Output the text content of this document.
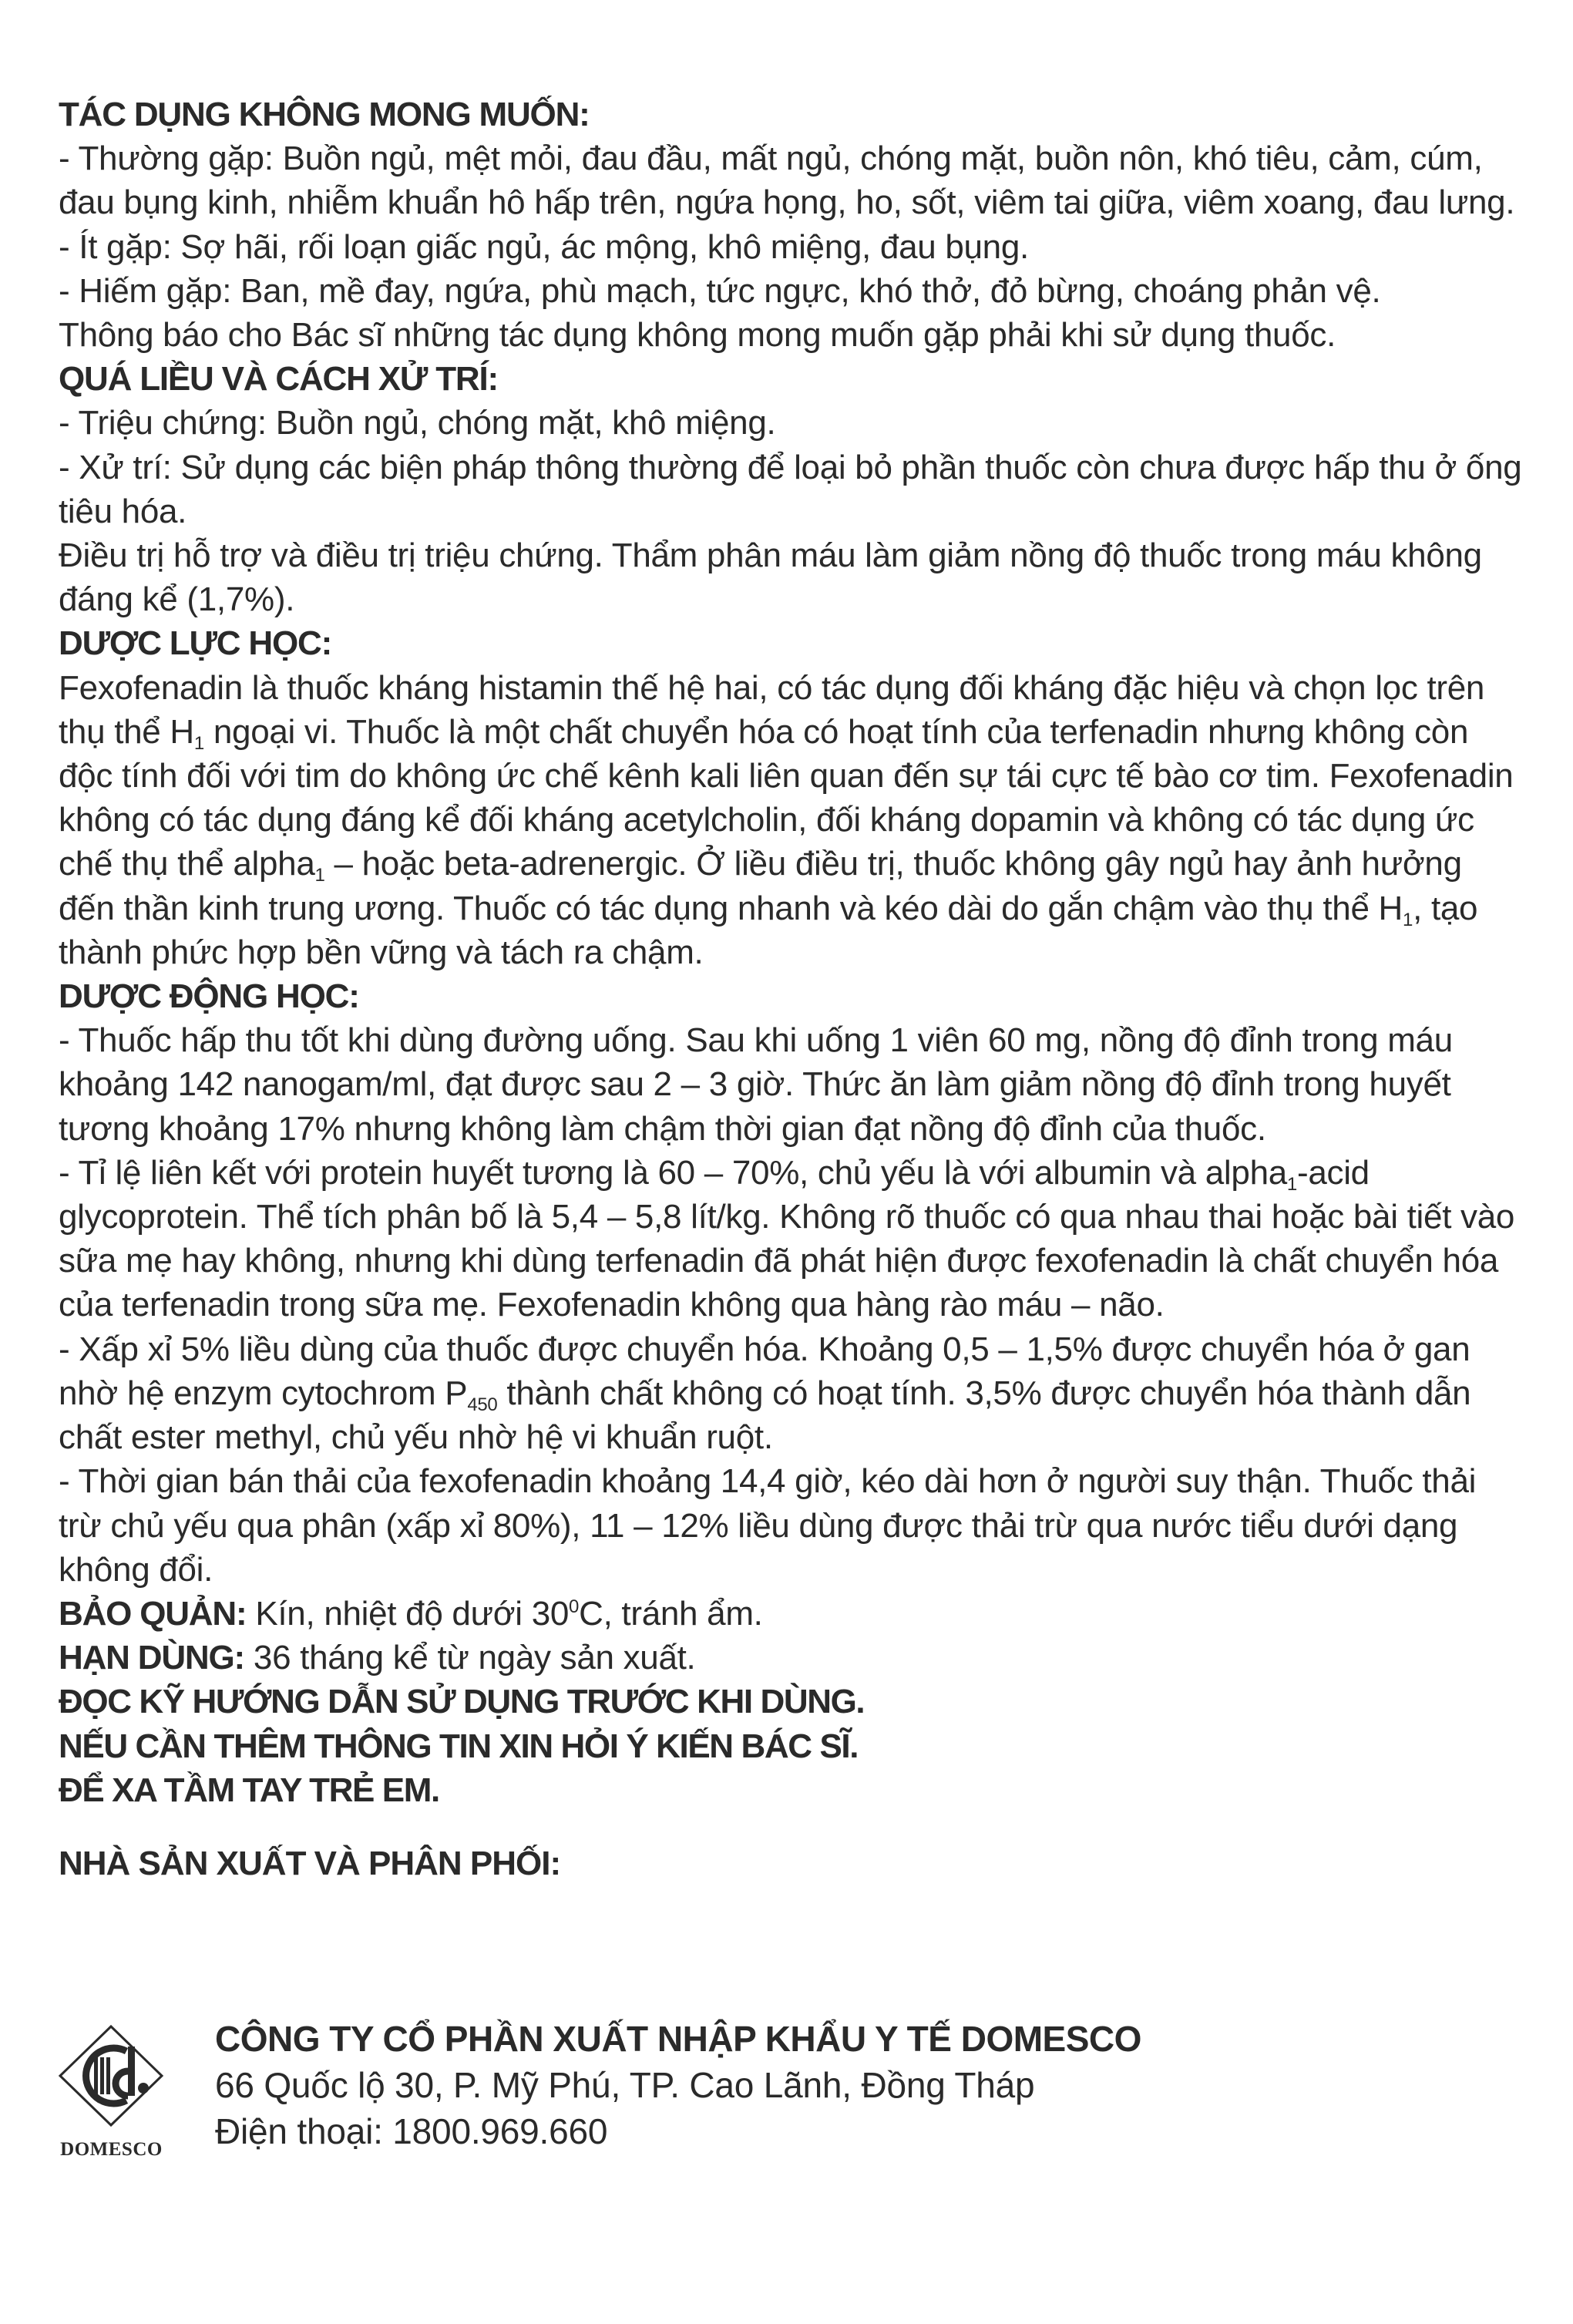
TÁC DỤNG KHÔNG MONG MUỐN:

- Thường gặp: Buồn ngủ, mệt mỏi, đau đầu, mất ngủ, chóng mặt, buồn nôn, khó tiêu, cảm, cúm, đau bụng kinh, nhiễm khuẩn hô hấp trên, ngứa họng, ho, sốt, viêm tai giữa, viêm xoang, đau lưng.

- Ít gặp: Sợ hãi, rối loạn giấc ngủ, ác mộng, khô miệng, đau bụng.

- Hiếm gặp: Ban, mề đay, ngứa, phù mạch, tức ngực, khó thở, đỏ bừng, choáng phản vệ.

Thông báo cho Bác sĩ những tác dụng không mong muốn gặp phải khi sử dụng thuốc.

QUÁ LIỀU VÀ CÁCH XỬ TRÍ:

- Triệu chứng: Buồn ngủ, chóng mặt, khô miệng.

- Xử trí: Sử dụng các biện pháp thông thường để loại bỏ phần thuốc còn chưa được hấp thu ở ống tiêu hóa.

Điều trị hỗ trợ và điều trị triệu chứng. Thẩm phân máu làm giảm nồng độ thuốc trong máu không đáng kể (1,7%).

DƯỢC LỰC HỌC:

Fexofenadin là thuốc kháng histamin thế hệ hai, có tác dụng đối kháng đặc hiệu và chọn lọc trên thụ thể $H_1$ ngoại vi. Thuốc là một chất chuyển hóa có hoạt tính của terfenadin nhưng không còn độc tính đối với tim do không ức chế kênh kali liên quan đến sự tái cực tế bào cơ tim. Fexofenadin không có tác dụng đáng kể đối kháng acetylcholin, đối kháng dopamin và không có tác dụng ức chế thụ thể alpha$_1$ – hoặc beta-adrenergic. Ở liều điều trị, thuốc không gây ngủ hay ảnh hưởng đến thần kinh trung ương. Thuốc có tác dụng nhanh và kéo dài do gắn chậm vào thụ thể $H_1$, tạo thành phức hợp bền vững và tách ra chậm.

DƯỢC ĐỘNG HỌC:

- Thuốc hấp thu tốt khi dùng đường uống. Sau khi uống 1 viên 60 mg, nồng độ đỉnh trong máu khoảng 142 nanogam/ml, đạt được sau 2 – 3 giờ. Thức ăn làm giảm nồng độ đỉnh trong huyết tương khoảng 17% nhưng không làm chậm thời gian đạt nồng độ đỉnh của thuốc.

- Tỉ lệ liên kết với protein huyết tương là 60 – 70%, chủ yếu là với albumin và alpha$_1$-acid glycoprotein. Thể tích phân bố là 5,4 – 5,8 lít/kg. Không rõ thuốc có qua nhau thai hoặc bài tiết vào sữa mẹ hay không, nhưng khi dùng terfenadin đã phát hiện được fexofenadin là chất chuyển hóa của terfenadin trong sữa mẹ. Fexofenadin không qua hàng rào máu – não.

- Xấp xỉ 5% liều dùng của thuốc được chuyển hóa. Khoảng 0,5 – 1,5% được chuyển hóa ở gan nhờ hệ enzym cytochrom $P_{450}$ thành chất không có hoạt tính. 3,5% được chuyển hóa thành dẫn chất ester methyl, chủ yếu nhờ hệ vi khuẩn ruột.

- Thời gian bán thải của fexofenadin khoảng 14,4 giờ, kéo dài hơn ở người suy thận. Thuốc thải trừ chủ yếu qua phân (xấp xỉ 80%), 11 – 12% liều dùng được thải trừ qua nước tiểu dưới dạng không đổi.

BẢO QUẢN: Kín, nhiệt độ dưới $30^0C$, tránh ẩm.

HẠN DÙNG: 36 tháng kể từ ngày sản xuất.

ĐỌC KỸ HƯỚNG DẪN SỬ DỤNG TRƯỚC KHI DÙNG.
NẾU CẦN THÊM THÔNG TIN XIN HỎI Ý KIẾN BÁC SĨ.
ĐỂ XA TẦM TAY TRẺ EM.
NHÀ SẢN XUẤT VÀ PHÂN PHỐI:
DOMESCO
CÔNG TY CỔ PHẦN XUẤT NHẬP KHẨU Y TẾ DOMESCO
66 Quốc lộ 30, P. Mỹ Phú, TP. Cao Lãnh, Đồng Tháp
Điện thoại: 1800.969.660
